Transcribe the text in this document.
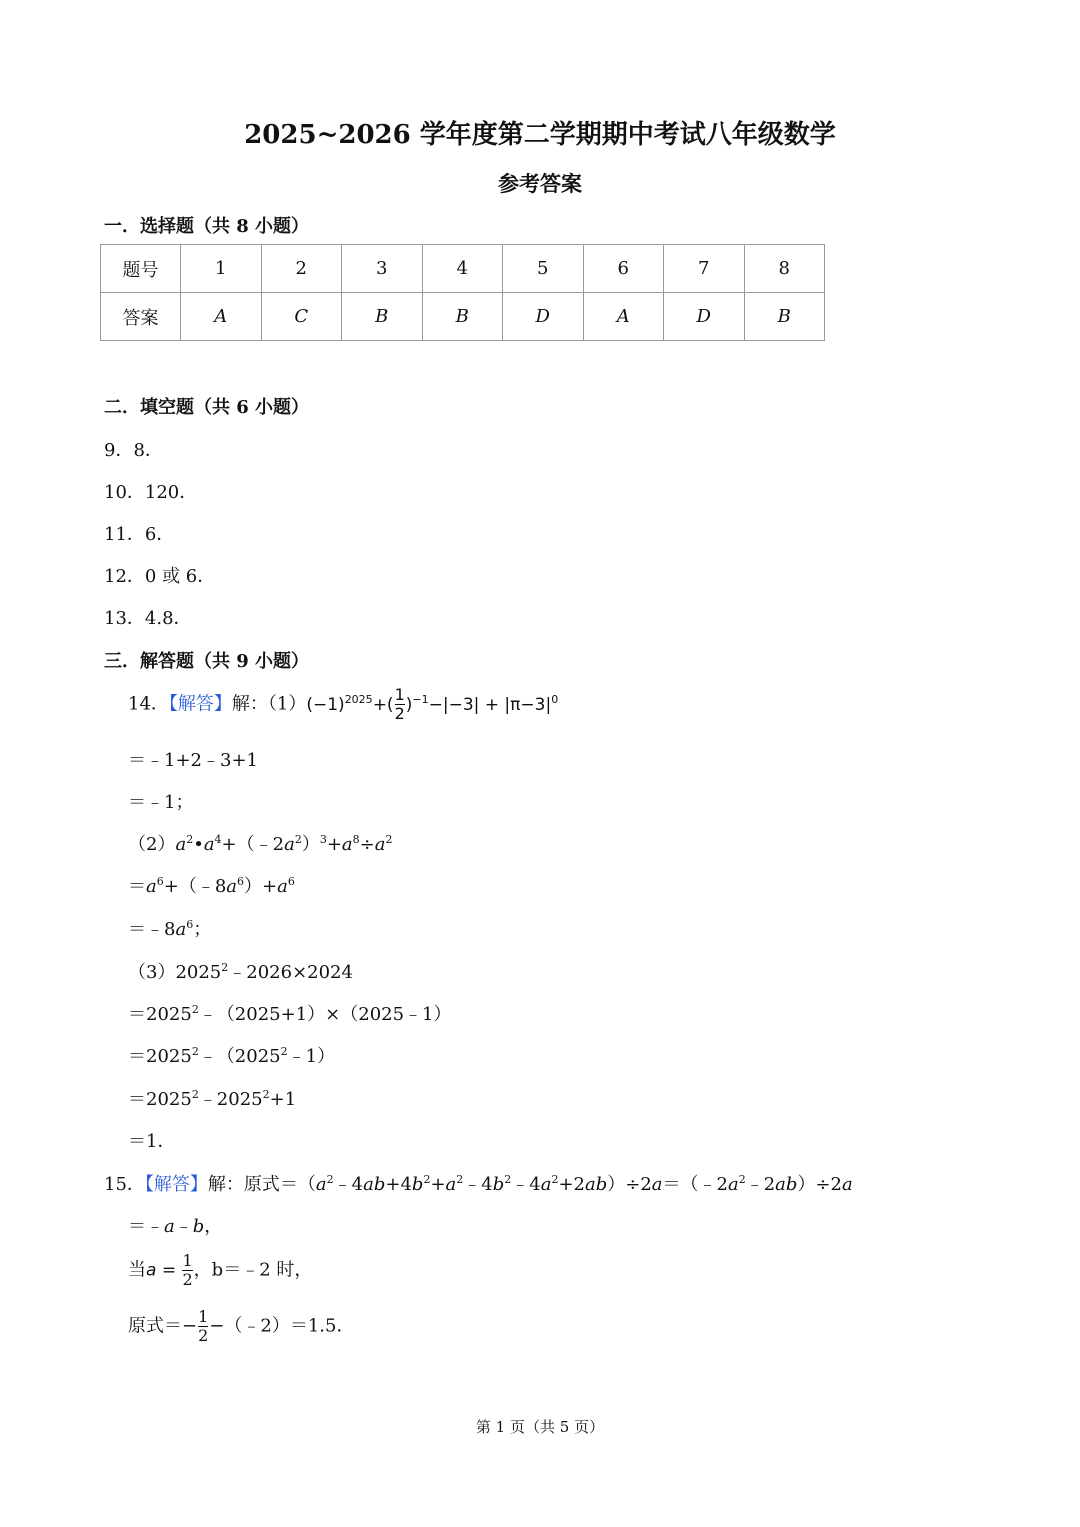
2025~2026 学年度第二学期期中考试八年级数学
参考答案
一．选择题（共 8 小题）
题号	1	2	3	4	5	6	7	8
答案	A	C	B	B	D	A	D	B
二．填空题（共 6 小题）
9．8．
10．120．
11．6．
12．0 或 6．
13．4.8．
三．解答题（共 9 小题）
14．【解答】解：$(1)(-1)^{2025}+( \frac{1}{2} )^{-1}-|-3| + |\pi-3|^0$
＝﹣1+2﹣3+1
＝﹣1；
$(2)a^2•a^4+(﹣2a^2)^3+a^8\div a^2$
$=a^6+(﹣8a^6)+a^6$
$=﹣8a^6$；
$(3)2025^2﹣2026\times 2024$
$=2025^2﹣(2025+1)\times(2025﹣1)$
$=2025^2﹣(2025^2﹣1)$
$=2025^2﹣2025^2+1$
＝1．
15．【解答】解：原式$=(a^2﹣4ab+4b^2+a^2﹣4b^2﹣4a^2+2ab)\div 2a=(﹣2a^2﹣2ab)\div 2a$
＝﹣a﹣b，
当$a = \frac{1}{2}$ ，b＝﹣2 时，
原式＝− $\frac{1}{2}$ −（﹣2）＝1.5．
第 1 页（共 5 页）
